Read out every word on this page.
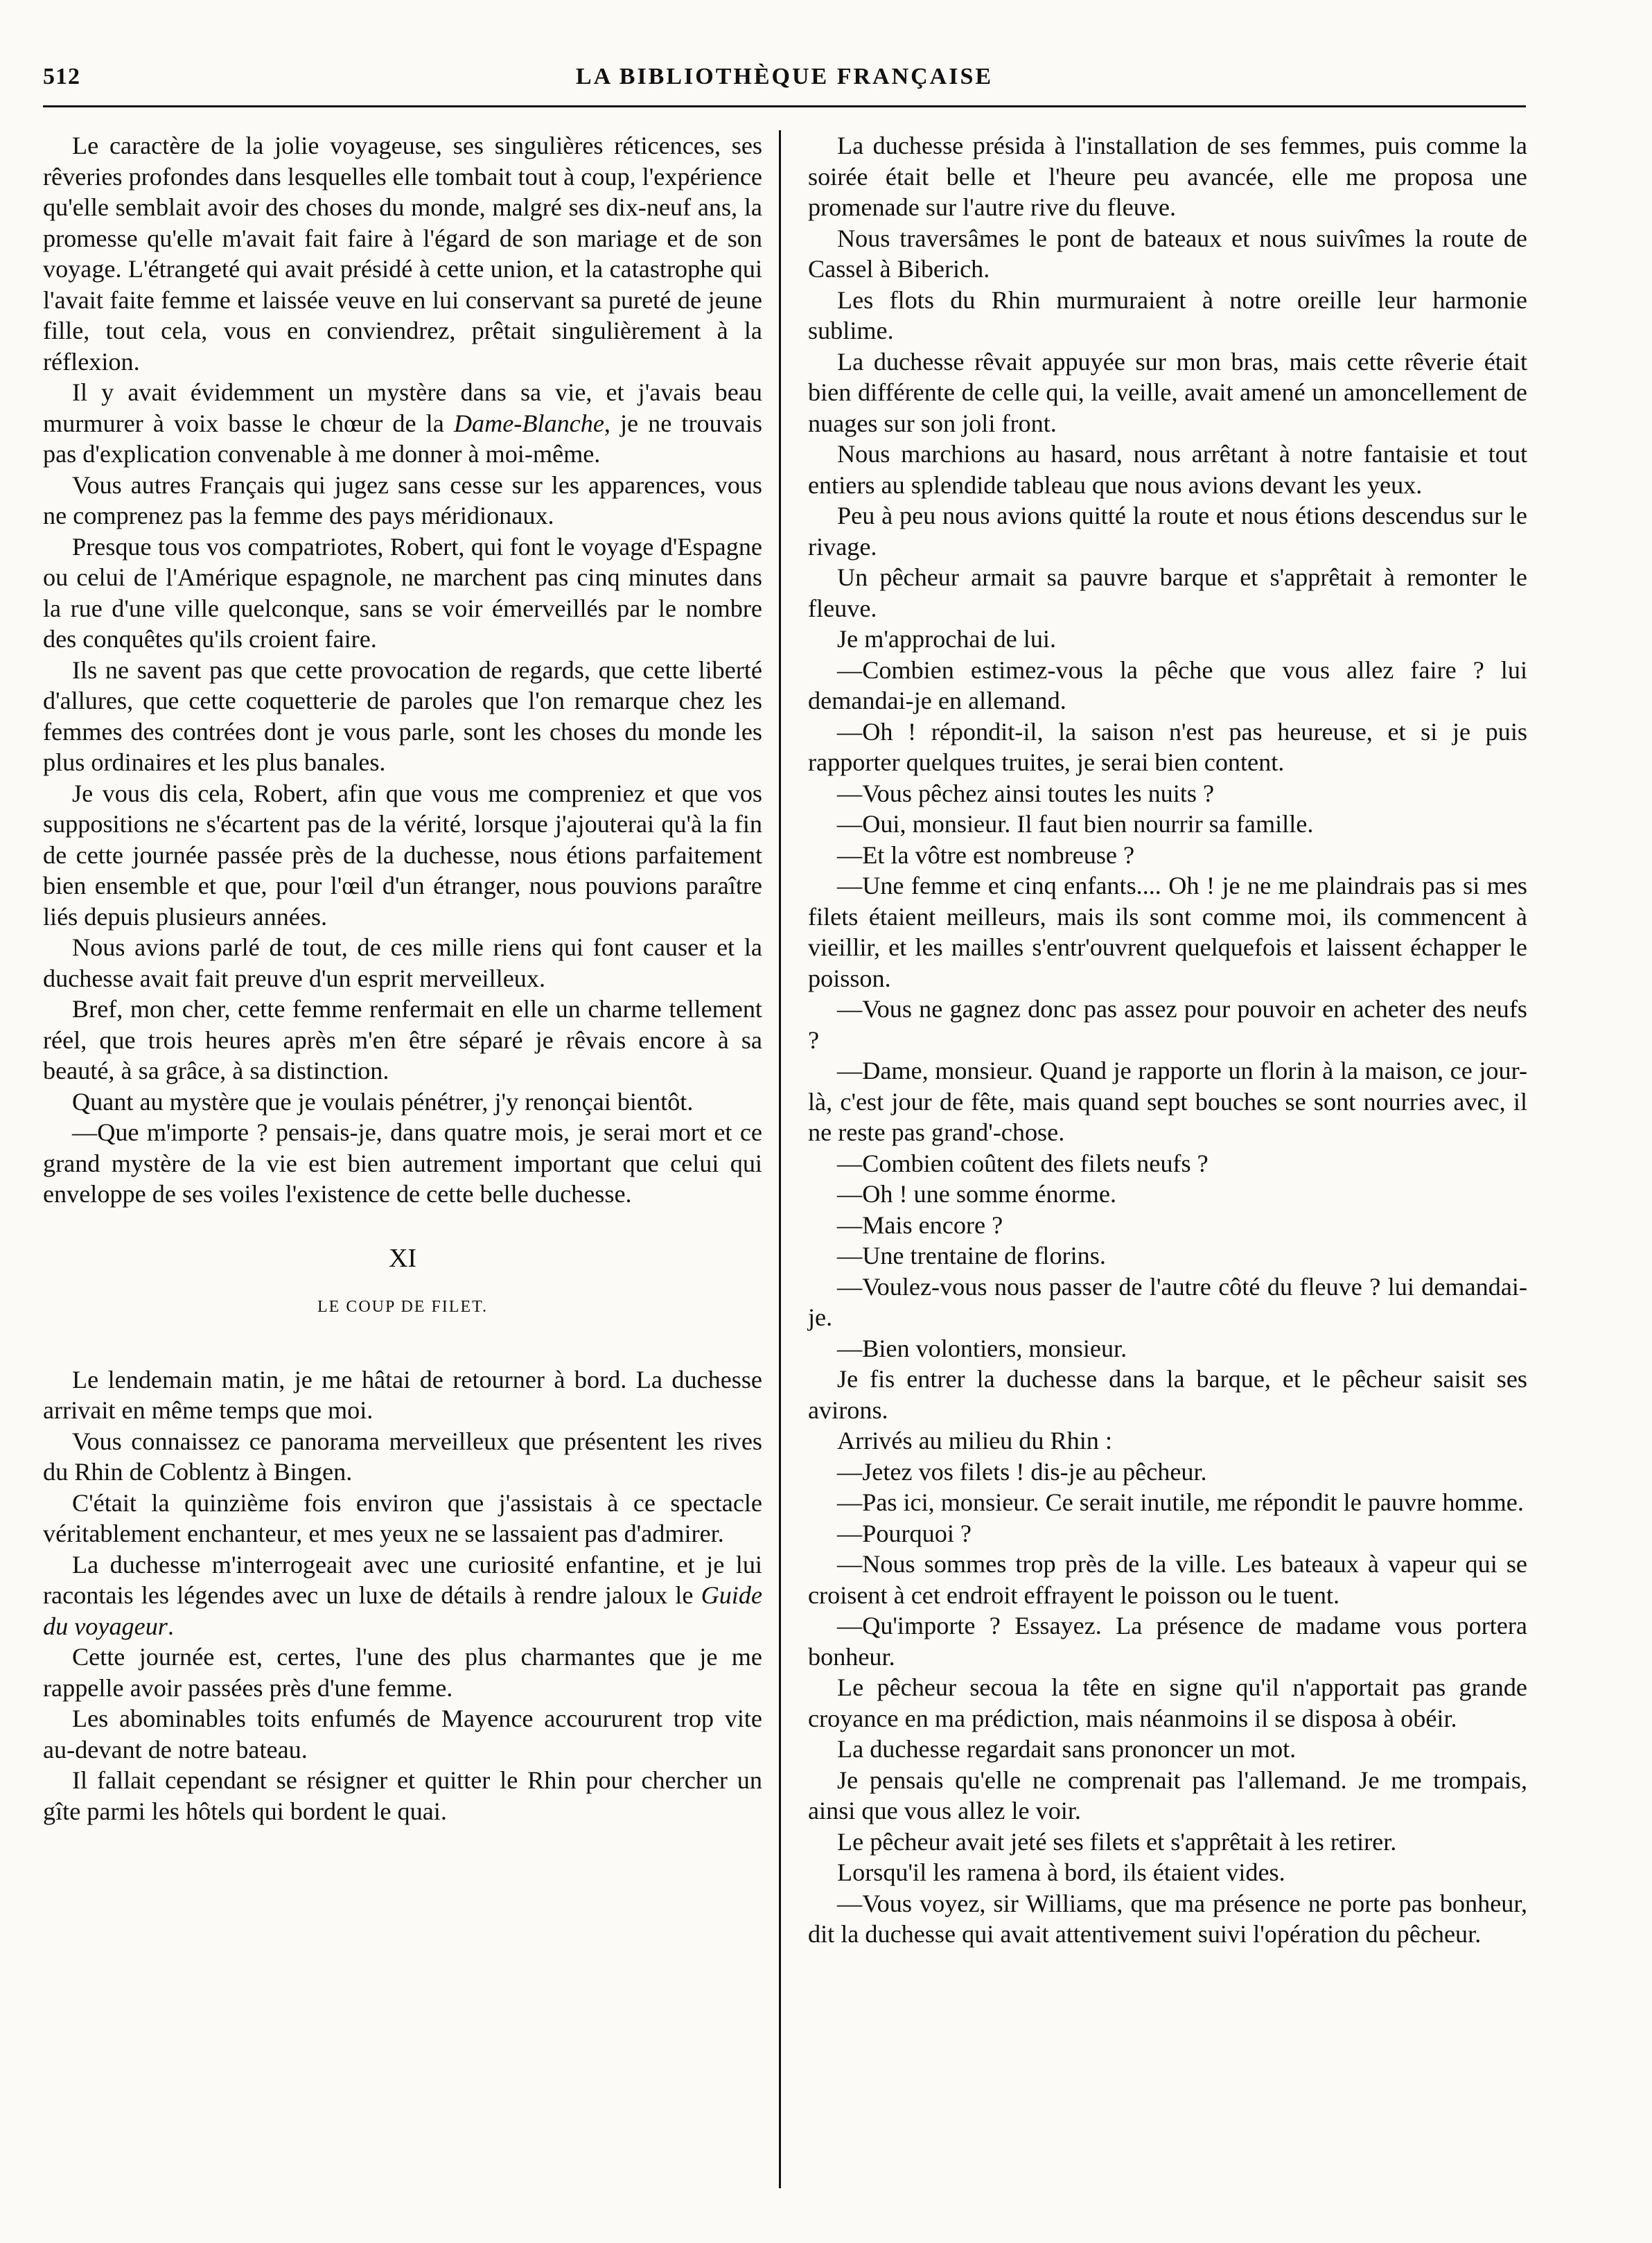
512	LA BIBLIOTHÈQUE FRANÇAISE

Le caractère de la jolie voyageuse, ses singulières réticences, ses rêveries profondes dans lesquelles elle tombait tout à coup, l'expérience qu'elle semblait avoir des choses du monde, malgré ses dix-neuf ans, la promesse qu'elle m'avait fait faire à l'égard de son mariage et de son voyage. L'étrangeté qui avait présidé à cette union, et la catastrophe qui l'avait faite femme et laissée veuve en lui conservant sa pureté de jeune fille, tout cela, vous en conviendrez, prêtait singulièrement à la réflexion.

Il y avait évidemment un mystère dans sa vie, et j'avais beau murmurer à voix basse le chœur de la Dame-Blanche, je ne trouvais pas d'explication convenable à me donner à moi-même.

Vous autres Français qui jugez sans cesse sur les apparences, vous ne comprenez pas la femme des pays méridionaux.

Presque tous vos compatriotes, Robert, qui font le voyage d'Espagne ou celui de l'Amérique espagnole, ne marchent pas cinq minutes dans la rue d'une ville quelconque, sans se voir émerveillés par le nombre des conquêtes qu'ils croient faire.

Ils ne savent pas que cette provocation de regards, que cette liberté d'allures, que cette coquetterie de paroles que l'on remarque chez les femmes des contrées dont je vous parle, sont les choses du monde les plus ordinaires et les plus banales.

Je vous dis cela, Robert, afin que vous me compreniez et que vos suppositions ne s'écartent pas de la vérité, lorsque j'ajouterai qu'à la fin de cette journée passée près de la duchesse, nous étions parfaitement bien ensemble et que, pour l'œil d'un étranger, nous pouvions paraître liés depuis plusieurs années.

Nous avions parlé de tout, de ces mille riens qui font causer et la duchesse avait fait preuve d'un esprit merveilleux.

Bref, mon cher, cette femme renfermait en elle un charme tellement réel, que trois heures après m'en être séparé je rêvais encore à sa beauté, à sa grâce, à sa distinction.

Quant au mystère que je voulais pénétrer, j'y renonçai bientôt.

—Que m'importe ? pensais-je, dans quatre mois, je serai mort et ce grand mystère de la vie est bien autrement important que celui qui enveloppe de ses voiles l'existence de cette belle duchesse.

XI

LE COUP DE FILET.

Le lendemain matin, je me hâtai de retourner à bord. La duchesse arrivait en même temps que moi.

Vous connaissez ce panorama merveilleux que présentent les rives du Rhin de Coblentz à Bingen.

C'était la quinzième fois environ que j'assistais à ce spectacle véritablement enchanteur, et mes yeux ne se lassaient pas d'admirer.

La duchesse m'interrogeait avec une curiosité enfantine, et je lui racontais les légendes avec un luxe de détails à rendre jaloux le Guide du voyageur.

Cette journée est, certes, l'une des plus charmantes que je me rappelle avoir passées près d'une femme.

Les abominables toits enfumés de Mayence accoururent trop vite au-devant de notre bateau.

Il fallait cependant se résigner et quitter le Rhin pour chercher un gîte parmi les hôtels qui bordent le quai.

La duchesse présida à l'installation de ses femmes, puis comme la soirée était belle et l'heure peu avancée, elle me proposa une promenade sur l'autre rive du fleuve.

Nous traversâmes le pont de bateaux et nous suivîmes la route de Cassel à Biberich.

Les flots du Rhin murmuraient à notre oreille leur harmonie sublime.

La duchesse rêvait appuyée sur mon bras, mais cette rêverie était bien différente de celle qui, la veille, avait amené un amoncellement de nuages sur son joli front.

Nous marchions au hasard, nous arrêtant à notre fantaisie et tout entiers au splendide tableau que nous avions devant les yeux.

Peu à peu nous avions quitté la route et nous étions descendus sur le rivage.

Un pêcheur armait sa pauvre barque et s'apprêtait à remonter le fleuve.

Je m'approchai de lui.

—Combien estimez-vous la pêche que vous allez faire ? lui demandai-je en allemand.

—Oh ! répondit-il, la saison n'est pas heureuse, et si je puis rapporter quelques truites, je serai bien content.

—Vous pêchez ainsi toutes les nuits ?

—Oui, monsieur. Il faut bien nourrir sa famille.

—Et la vôtre est nombreuse ?

—Une femme et cinq enfants.... Oh ! je ne me plaindrais pas si mes filets étaient meilleurs, mais ils sont comme moi, ils commencent à vieillir, et les mailles s'entr'ouvrent quelquefois et laissent échapper le poisson.

—Vous ne gagnez donc pas assez pour pouvoir en acheter des neufs ?

—Dame, monsieur. Quand je rapporte un florin à la maison, ce jour-là, c'est jour de fête, mais quand sept bouches se sont nourries avec, il ne reste pas grand'-chose.

—Combien coûtent des filets neufs ?

—Oh ! une somme énorme.

—Mais encore ?

—Une trentaine de florins.

—Voulez-vous nous passer de l'autre côté du fleuve ? lui demandai-je.

—Bien volontiers, monsieur.

Je fis entrer la duchesse dans la barque, et le pêcheur saisit ses avirons.

Arrivés au milieu du Rhin :

—Jetez vos filets ! dis-je au pêcheur.

—Pas ici, monsieur. Ce serait inutile, me répondit le pauvre homme.

—Pourquoi ?

—Nous sommes trop près de la ville. Les bateaux à vapeur qui se croisent à cet endroit effrayent le poisson ou le tuent.

—Qu'importe ? Essayez. La présence de madame vous portera bonheur.

Le pêcheur secoua la tête en signe qu'il n'apportait pas grande croyance en ma prédiction, mais néanmoins il se disposa à obéir.

La duchesse regardait sans prononcer un mot.

Je pensais qu'elle ne comprenait pas l'allemand. Je me trompais, ainsi que vous allez le voir.

Le pêcheur avait jeté ses filets et s'apprêtait à les retirer.

Lorsqu'il les ramena à bord, ils étaient vides.

—Vous voyez, sir Williams, que ma présence ne porte pas bonheur, dit la duchesse qui avait attentivement suivi l'opération du pêcheur.
